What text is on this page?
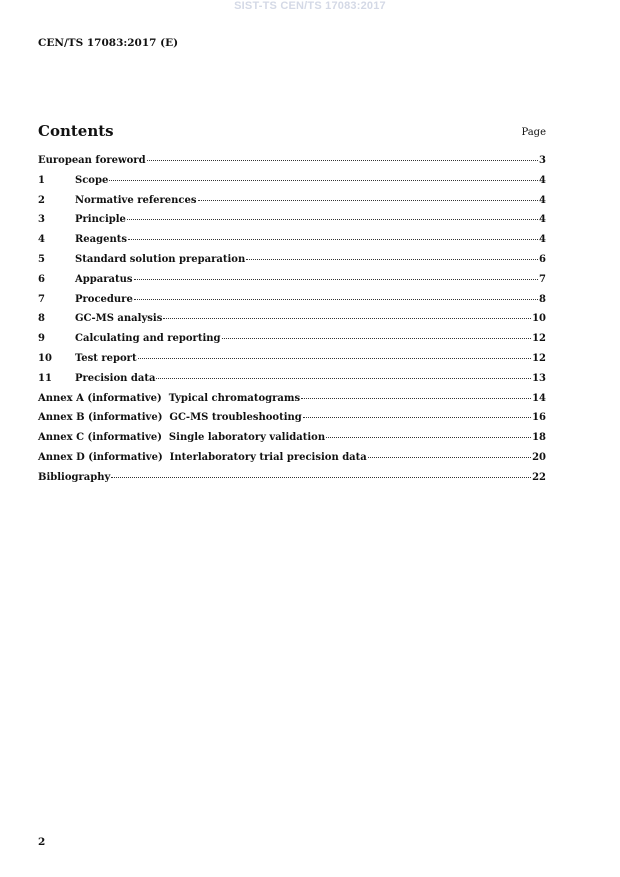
SIST-TS CEN/TS 17083:2017
CEN/TS 17083:2017 (E)
Contents	Page
European foreword	3
1	Scope	4
2	Normative references	4
3	Principle	4
4	Reagents	4
5	Standard solution preparation	6
6	Apparatus	7
7	Procedure	8
8	GC-MS analysis	10
9	Calculating and reporting	12
10	Test report	12
11	Precision data	13
Annex A (informative)  Typical chromatograms	14
Annex B (informative)  GC-MS troubleshooting	16
Annex C (informative)  Single laboratory validation	18
Annex D (informative)  Interlaboratory trial precision data	20
Bibliography	22
2
